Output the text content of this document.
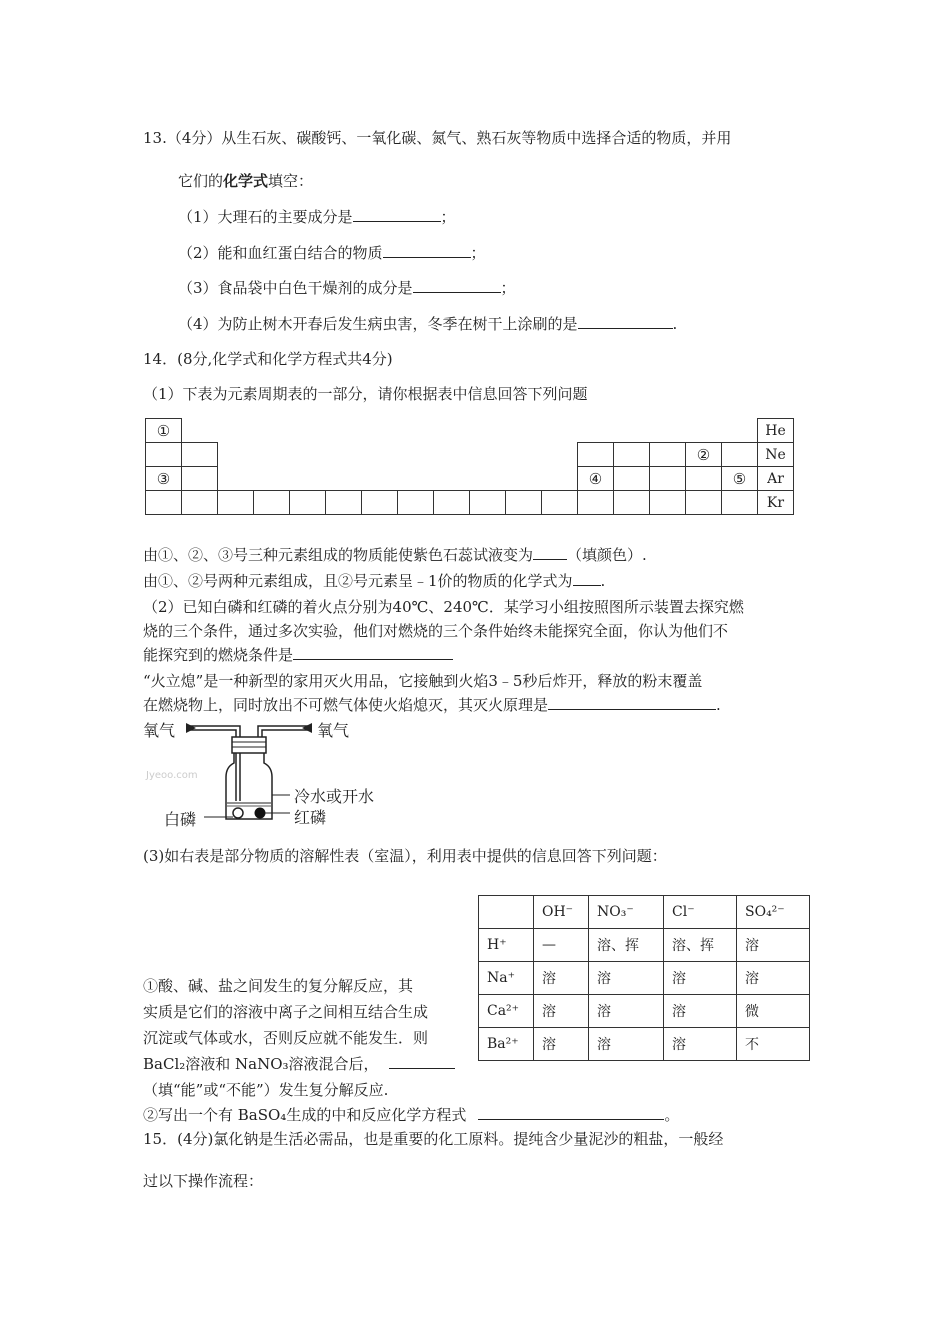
13.（4分）从生石灰、碳酸钙、一氧化碳、氮气、熟石灰等物质中选择合适的物质，并用
它们的化学式填空：
（1）大理石的主要成分是	；
（2）能和血红蛋白结合的物质	；
（3）食品袋中白色干燥剂的成分是	；
（4）为防止树木开春后发生病虫害，冬季在树干上涂刷的是	.
14．(8分,化学式和化学方程式共4分)
（1）下表为元素周期表的一部分，请你根据表中信息回答下列问题
①																	He
															②		Ne
③												④				⑤	Ar
																	Kr
由①、②、③号三种元素组成的物质能使紫色石蕊试液变为 （填颜色）.
由①、②号两种元素组成，且②号元素呈﹣1价的物质的化学式为 .
（2）已知白磷和红磷的着火点分别为40℃、240℃．某学习小组按照图所示装置去探究燃
烧的三个条件，通过多次实验，他们对燃烧的三个条件始终未能探究全面，你认为他们不
能探究到的燃烧条件是
“火立熄”是一种新型的家用灭火用品，它接触到火焰3﹣5秒后炸开，释放的粉末覆盖
在燃烧物上，同时放出不可燃气体使火焰熄灭，其灭火原理是	.
氧气	氧气
冷水或开水
红磷
白磷
Jyeoo.com
(3)如右表是部分物质的溶解性表（室温），利用表中提供的信息回答下列问题：
	OH⁻	NO₃⁻	Cl⁻	SO₄²⁻
H⁺	—	溶、挥	溶、挥	溶
Na⁺	溶	溶	溶	溶
Ca²⁺	溶	溶	溶	微
Ba²⁺	溶	溶	溶	不
①酸、碱、盐之间发生的复分解反应，其
实质是它们的溶液中离子之间相互结合生成
沉淀或气体或水，否则反应就不能发生．则
BaCl₂溶液和 NaNO₃溶液混合后，
（填“能”或“不能”）发生复分解反应.
②写出一个有 BaSO₄生成的中和反应化学方程式	。
15．(4分)氯化钠是生活必需品，也是重要的化工原料。提纯含少量泥沙的粗盐，一般经
过以下操作流程：
